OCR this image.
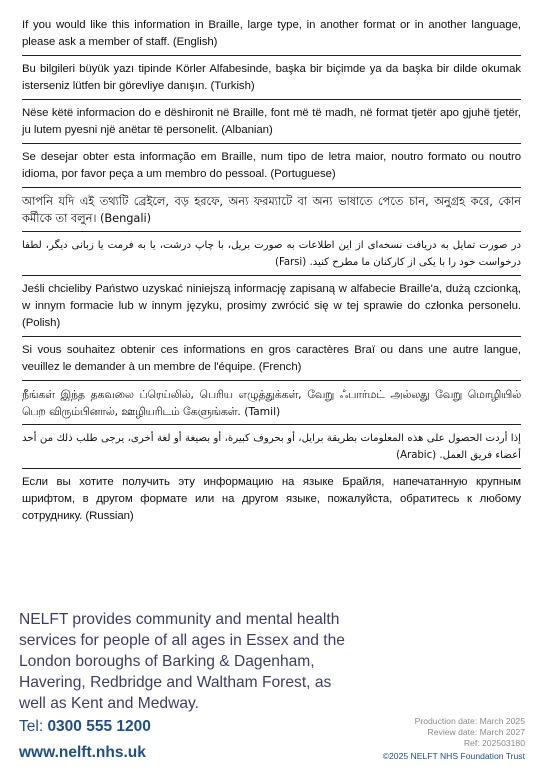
If you would like this information in Braille, large type, in another format or in another language, please ask a member of staff. (English)
Bu bilgileri büyük yazı tipinde Körler Alfabesinde, başka bir biçimde ya da başka bir dilde okumak isterseniz lütfen bir görevliye danışın. (Turkish)
Nëse këtë informacion do e dëshironit në Braille, font më të madh, në format tjetër apo gjuhë tjetër, ju lutem pyesni një anëtar të personelit. (Albanian)
Se desejar obter esta informação em Braille, num tipo de letra maior, noutro formato ou noutro idioma, por favor peça a um membro do pessoal. (Portuguese)
আপনি যদি এই তথ্যটি ব্রেইলে, বড় হরফে, অন্য ফরম্যাটে বা অন্য ভাষাতে পেতে চান, অনুগ্রহ করে, কোন কর্মীকে তা বলুন। (Bengali)
در صورت تمایل به دریافت نسخه‌ای از این اطلاعات به صورت بریل، با چاپ درشت، یا به فرمت یا زبانی دیگر، لطفا درخواست خود را با یکی از کارکنان ما مطرح کنید. (Farsi)
Jeśli chcieliby Państwo uzyskać niniejszą informację zapisaną w alfabecie Braille'a, dużą czcionką, w innym formacie lub w innym języku, prosimy zwrócić się w tej sprawie do członka personelu. (Polish)
Si vous souhaitez obtenir ces informations en gros caractères Braï ou dans une autre langue, veuillez le demander à un membre de l'équipe. (French)
நீங்கள் இந்த தகவலை ப்ரெய்லில், பெரிய எழுத்துக்கள், வேறு ஃபார்மட் அல்லது வேறு மொழியில் பெற விரும்பினால், ஊழியரிடம் கேளுங்கள். (Tamil)
إذا أردت الحصول على هذه المعلومات بطريقة برايل، أو بحروف كبيرة، أو بصيغة أو لغة أخرى، يرجى طلب ذلك من أحد أعضاء فريق العمل. (Arabic)
Если вы хотите получить эту информацию на языке Брайля, напечатанную крупным шрифтом, в другом формате или на другом языке, пожалуйста, обратитесь к любому сотруднику. (Russian)
NELFT provides community and mental health services for people of all ages in Essex and the London boroughs of Barking & Dagenham, Havering, Redbridge and Waltham Forest, as well as Kent and Medway.
Tel: 0300 555 1200
www.nelft.nhs.uk
Production date: March 2025
Review date: March 2027
Ref: 202503180
©2025 NELFT NHS Foundation Trust
